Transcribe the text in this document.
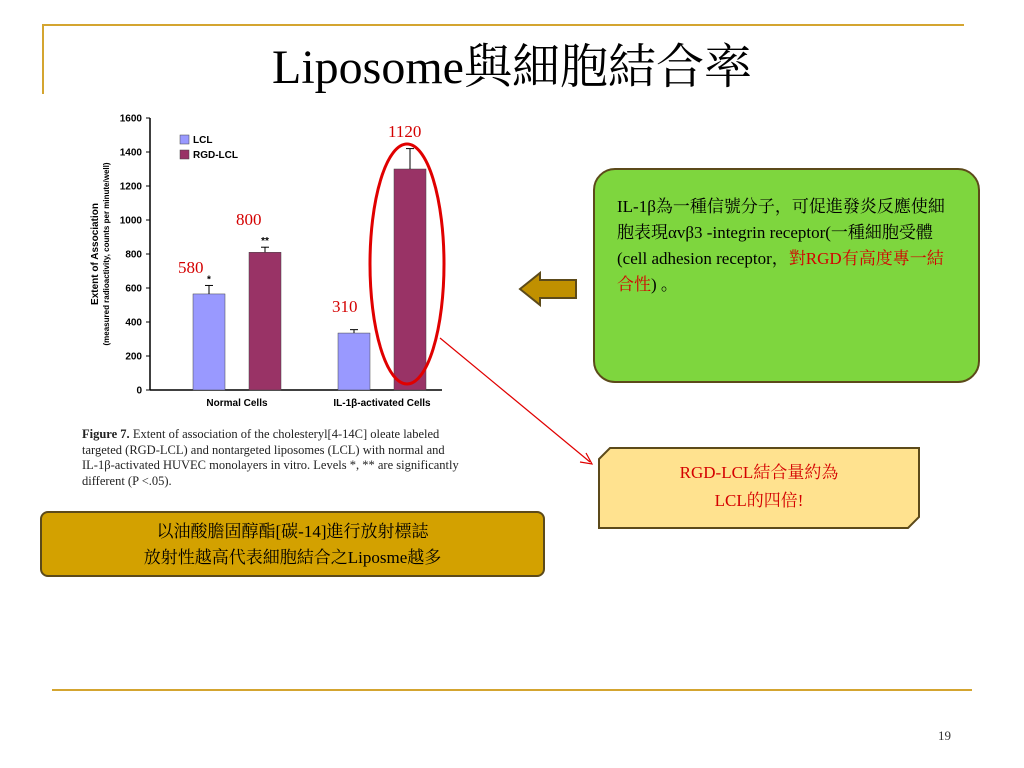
Liposome與細胞結合率
0
200
400
600
800
1000
1200
1400
1600
Extent of Association (measured radioactivity, counts per minute/well)	*
**
Normal Cells	IL-1β-activated Cells
LCL
RGD-LCL
Figure 7. Extent of association of the cholesteryl[4-14C] oleate labeled targeted (RGD-LCL) and nontargeted liposomes (LCL) with normal and IL-1β-activated HUVEC monolayers in vitro. Levels *, ** are significantly different (P <.05).
1120
800
580
310
IL-1β為一種信號分子，可促進發炎反應使細胞表現αvβ3 -integrin receptor(一種細胞受體(cell adhesion receptor，對RGD有高度專一結合性) 。
RGD-LCL結合量約為
LCL的四倍!
以油酸膽固醇酯[碳-14]進行放射標誌
放射性越高代表細胞結合之Liposme越多
19
